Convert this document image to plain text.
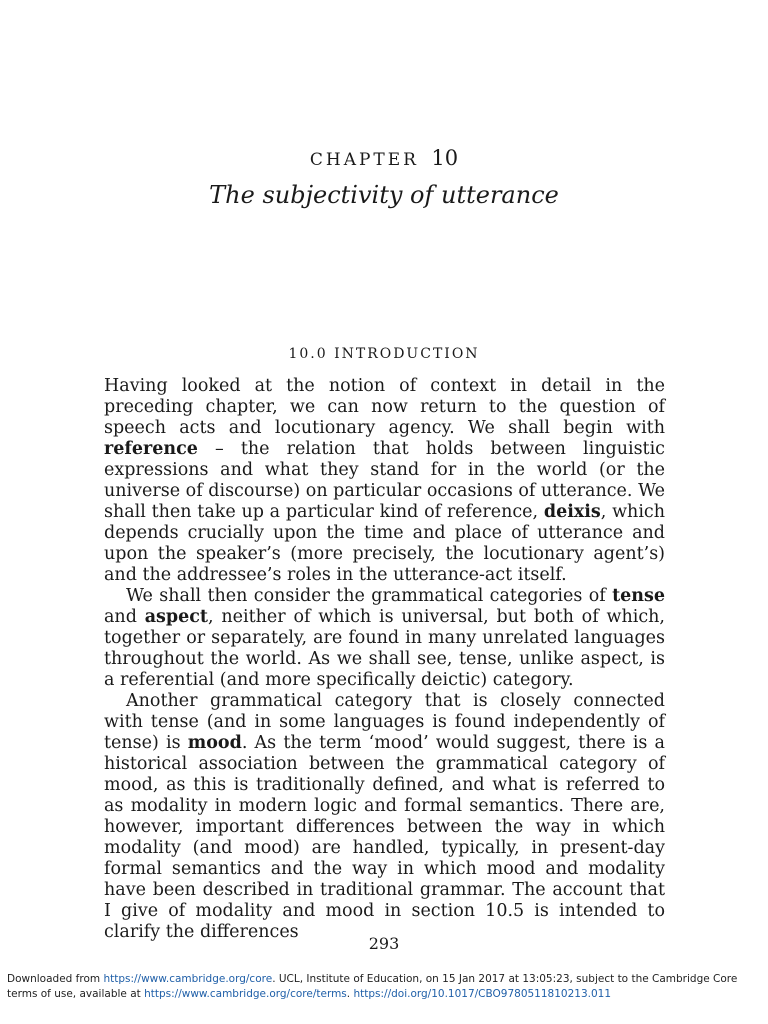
CHAPTER 10
The subjectivity of utterance
10.0 INTRODUCTION

Having looked at the notion of context in detail in the preceding chapter, we can now return to the question of speech acts and locutionary agency. We shall begin with reference – the relation that holds between linguistic expressions and what they stand for in the world (or the universe of discourse) on particular occasions of utterance. We shall then take up a particular kind of reference, deixis, which depends crucially upon the time and place of utterance and upon the speaker’s (more precisely, the locutionary agent’s) and the addressee’s roles in the utterance-act itself.

We shall then consider the grammatical categories of tense and aspect, neither of which is universal, but both of which, together or separately, are found in many unrelated languages throughout the world. As we shall see, tense, unlike aspect, is a referential (and more specifically deictic) category.

Another grammatical category that is closely connected with tense (and in some languages is found independently of tense) is mood. As the term ‘mood’ would suggest, there is a historical association between the grammatical category of mood, as this is traditionally defined, and what is referred to as modality in modern logic and formal semantics. There are, however, important differences between the way in which modality (and mood) are handled, typically, in present-day formal semantics and the way in which mood and modality have been described in traditional grammar. The account that I give of modality and mood in section 10.5 is intended to clarify the differences

293
Downloaded from https://www.cambridge.org/core. UCL, Institute of Education, on 15 Jan 2017 at 13:05:23, subject to the Cambridge Core terms of use, available at https://www.cambridge.org/core/terms. https://doi.org/10.1017/CBO9780511810213.011
